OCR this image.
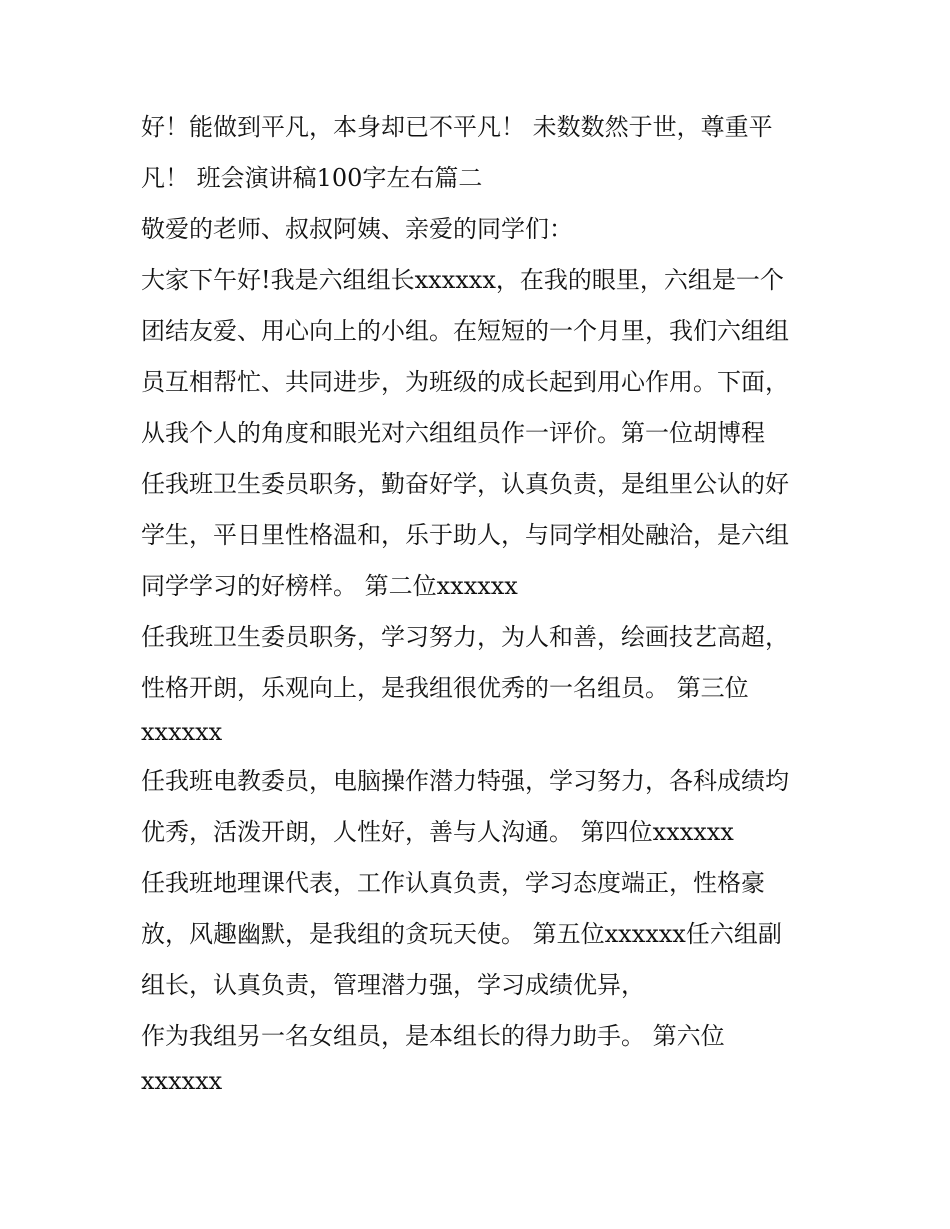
好！能做到平凡，本身却已不平凡！ 未数数然于世，尊重平
凡！ 班会演讲稿100字左右篇二
敬爱的老师、叔叔阿姨、亲爱的同学们：
大家下午好!我是六组组长xxxxxx，在我的眼里，六组是一个
团结友爱、用心向上的小组。在短短的一个月里，我们六组组
员互相帮忙、共同进步，为班级的成长起到用心作用。下面，
从我个人的角度和眼光对六组组员作一评价。第一位胡博程
任我班卫生委员职务，勤奋好学，认真负责，是组里公认的好
学生，平日里性格温和，乐于助人，与同学相处融洽，是六组
同学学习的好榜样。 第二位xxxxxx
任我班卫生委员职务，学习努力，为人和善，绘画技艺高超，
性格开朗，乐观向上，是我组很优秀的一名组员。 第三位
xxxxxx
任我班电教委员，电脑操作潜力特强，学习努力，各科成绩均
优秀，活泼开朗，人性好，善与人沟通。 第四位xxxxxx
任我班地理课代表，工作认真负责，学习态度端正，性格豪
放，风趣幽默，是我组的贪玩天使。 第五位xxxxxx任六组副
组长，认真负责，管理潜力强，学习成绩优异，
作为我组另一名女组员，是本组长的得力助手。 第六位
xxxxxx
